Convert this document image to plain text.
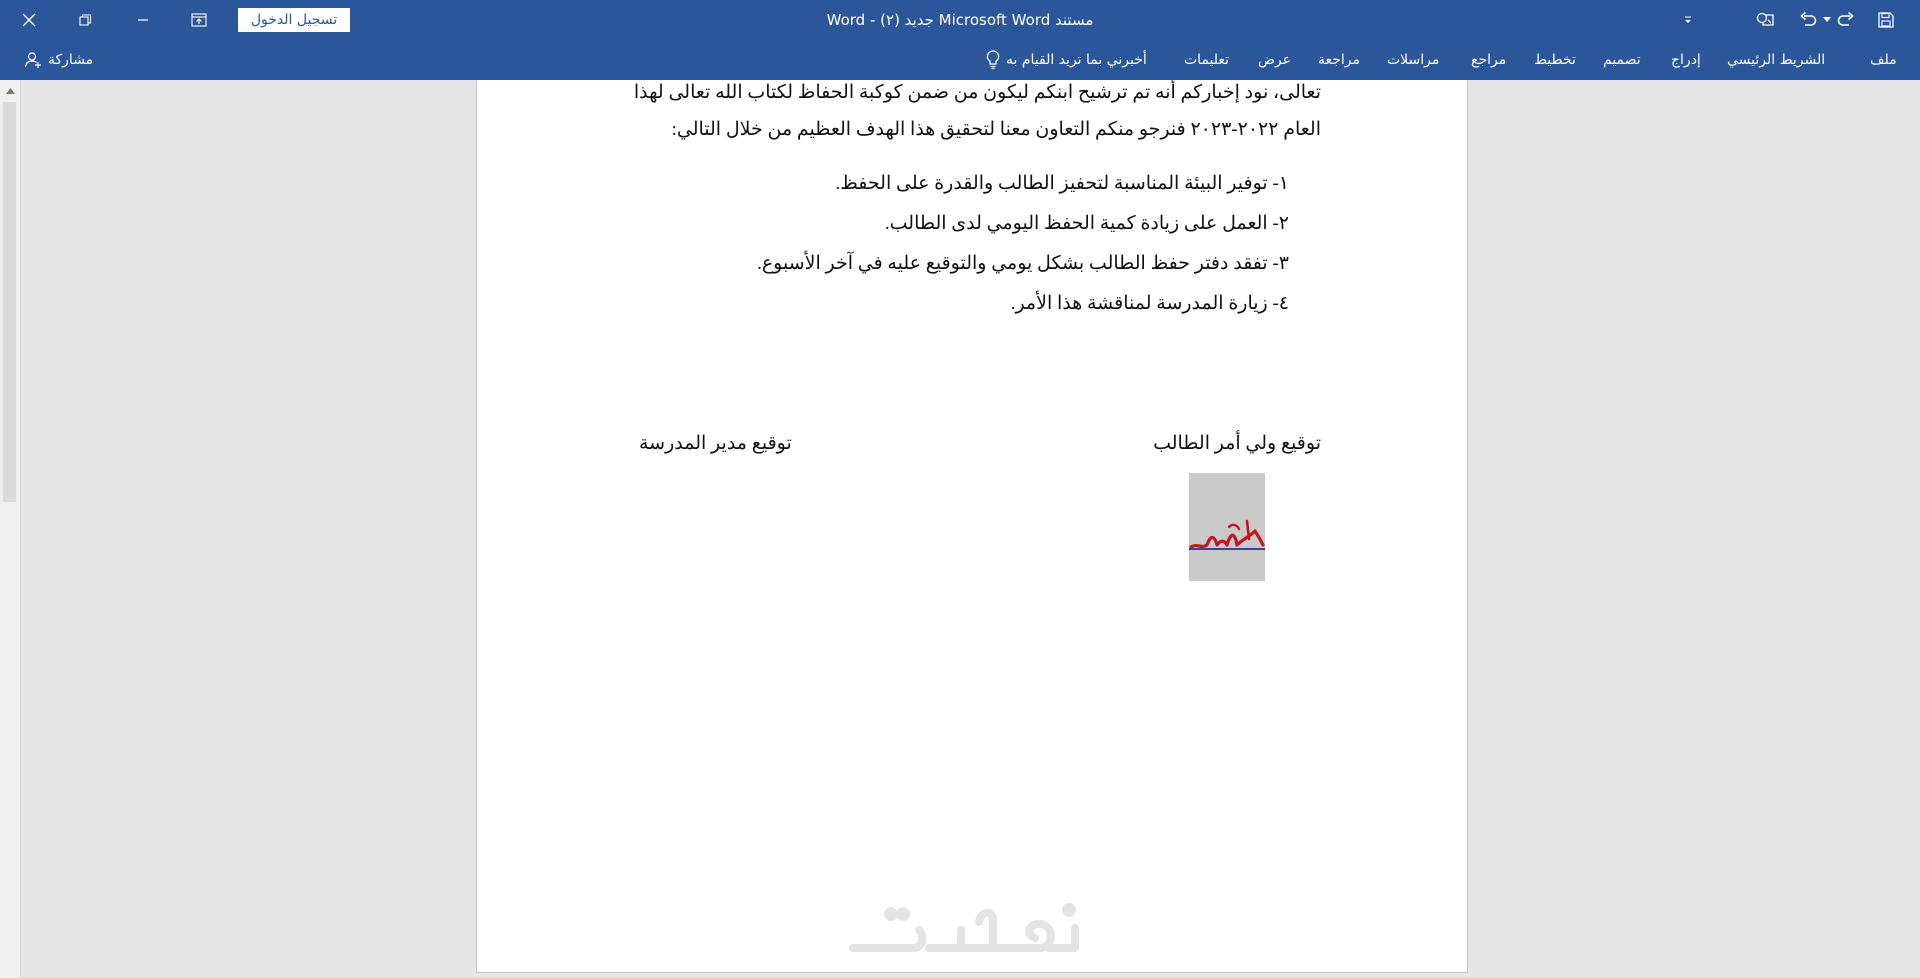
تسجيل الدخول	مستند Microsoft Word جديد (٢) - Word
مشاركة	أخبرني بما تريد القيام به	تعليمات عرض مراجعة مراسلات مراجع تخطيط تصميم إدراج الشريط الرئيسي	ملف
تعالى، نود إخباركم أنه تم ترشيح ابنكم ليكون من ضمن كوكبة الحفاظ لكتاب الله تعالى لهذا
العام ٢٠٢٢-٢٠٢٣ فنرجو منكم التعاون معنا لتحقيق هذا الهدف العظيم من خلال التالي:
١- توفير البيئة المناسبة لتحفيز الطالب والقدرة على الحفظ.
٢- العمل على زيادة كمية الحفظ اليومي لدى الطالب.
٣- تفقد دفتر حفظ الطالب بشكل يومي والتوقيع عليه في آخر الأسبوع.
٤- زيارة المدرسة لمناقشة هذا الأمر.
توقيع ولي أمر الطالب
توقيع مدير المدرسة
